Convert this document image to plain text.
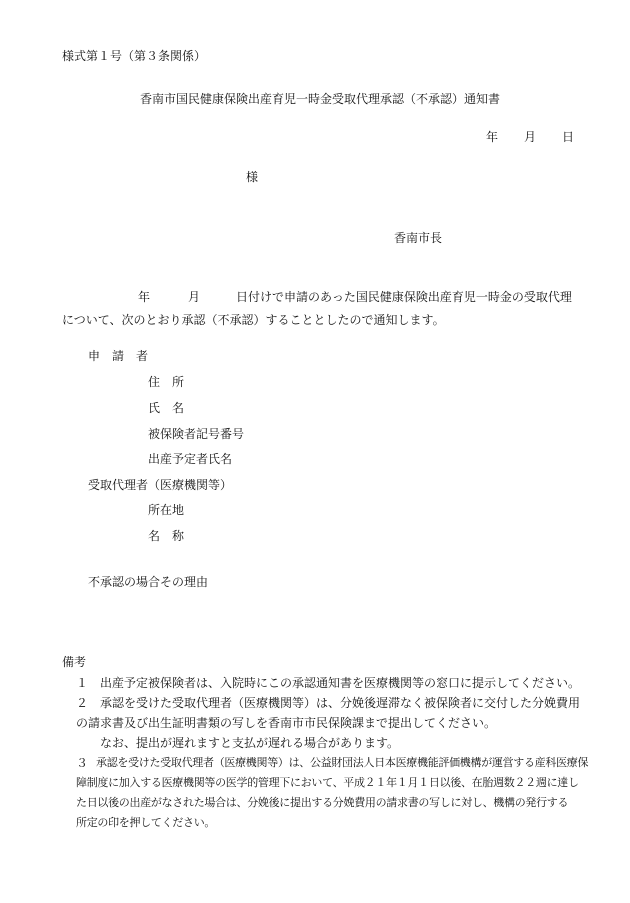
様式第１号（第３条関係）
香南市国民健康保険出産育児一時金受取代理承認（不承認）通知書
年 月 日
様
香南市長
年	月	日付けで申請のあった国民健康保険出産育児一時金の受取代理
について、次のとおり承認（不承認）することとしたので通知します。
申　請　者
住　所
氏　名
被保険者記号番号
出産予定者氏名
受取代理者（医療機関等）
所在地
名　称
不承認の場合その理由
備考
１ 出産予定被保険者は、入院時にこの承認通知書を医療機関等の窓口に提示してください。
２ 承認を受けた受取代理者（医療機関等）は、分娩後遅滞なく被保険者に交付した分娩費用
の請求書及び出生証明書類の写しを香南市市民保険課まで提出してください。
なお、提出が遅れますと支払が遅れる場合があります。
３ 承認を受けた受取代理者（医療機関等）は、公益財団法人日本医療機能評価機構が運営する産科医療保
障制度に加入する医療機関等の医学的管理下において、平成２１年１月１日以後、在胎週数２２週に達し
た日以後の出産がなされた場合は、分娩後に提出する分娩費用の請求書の写しに対し、機構の発行する
所定の印を押してください。
